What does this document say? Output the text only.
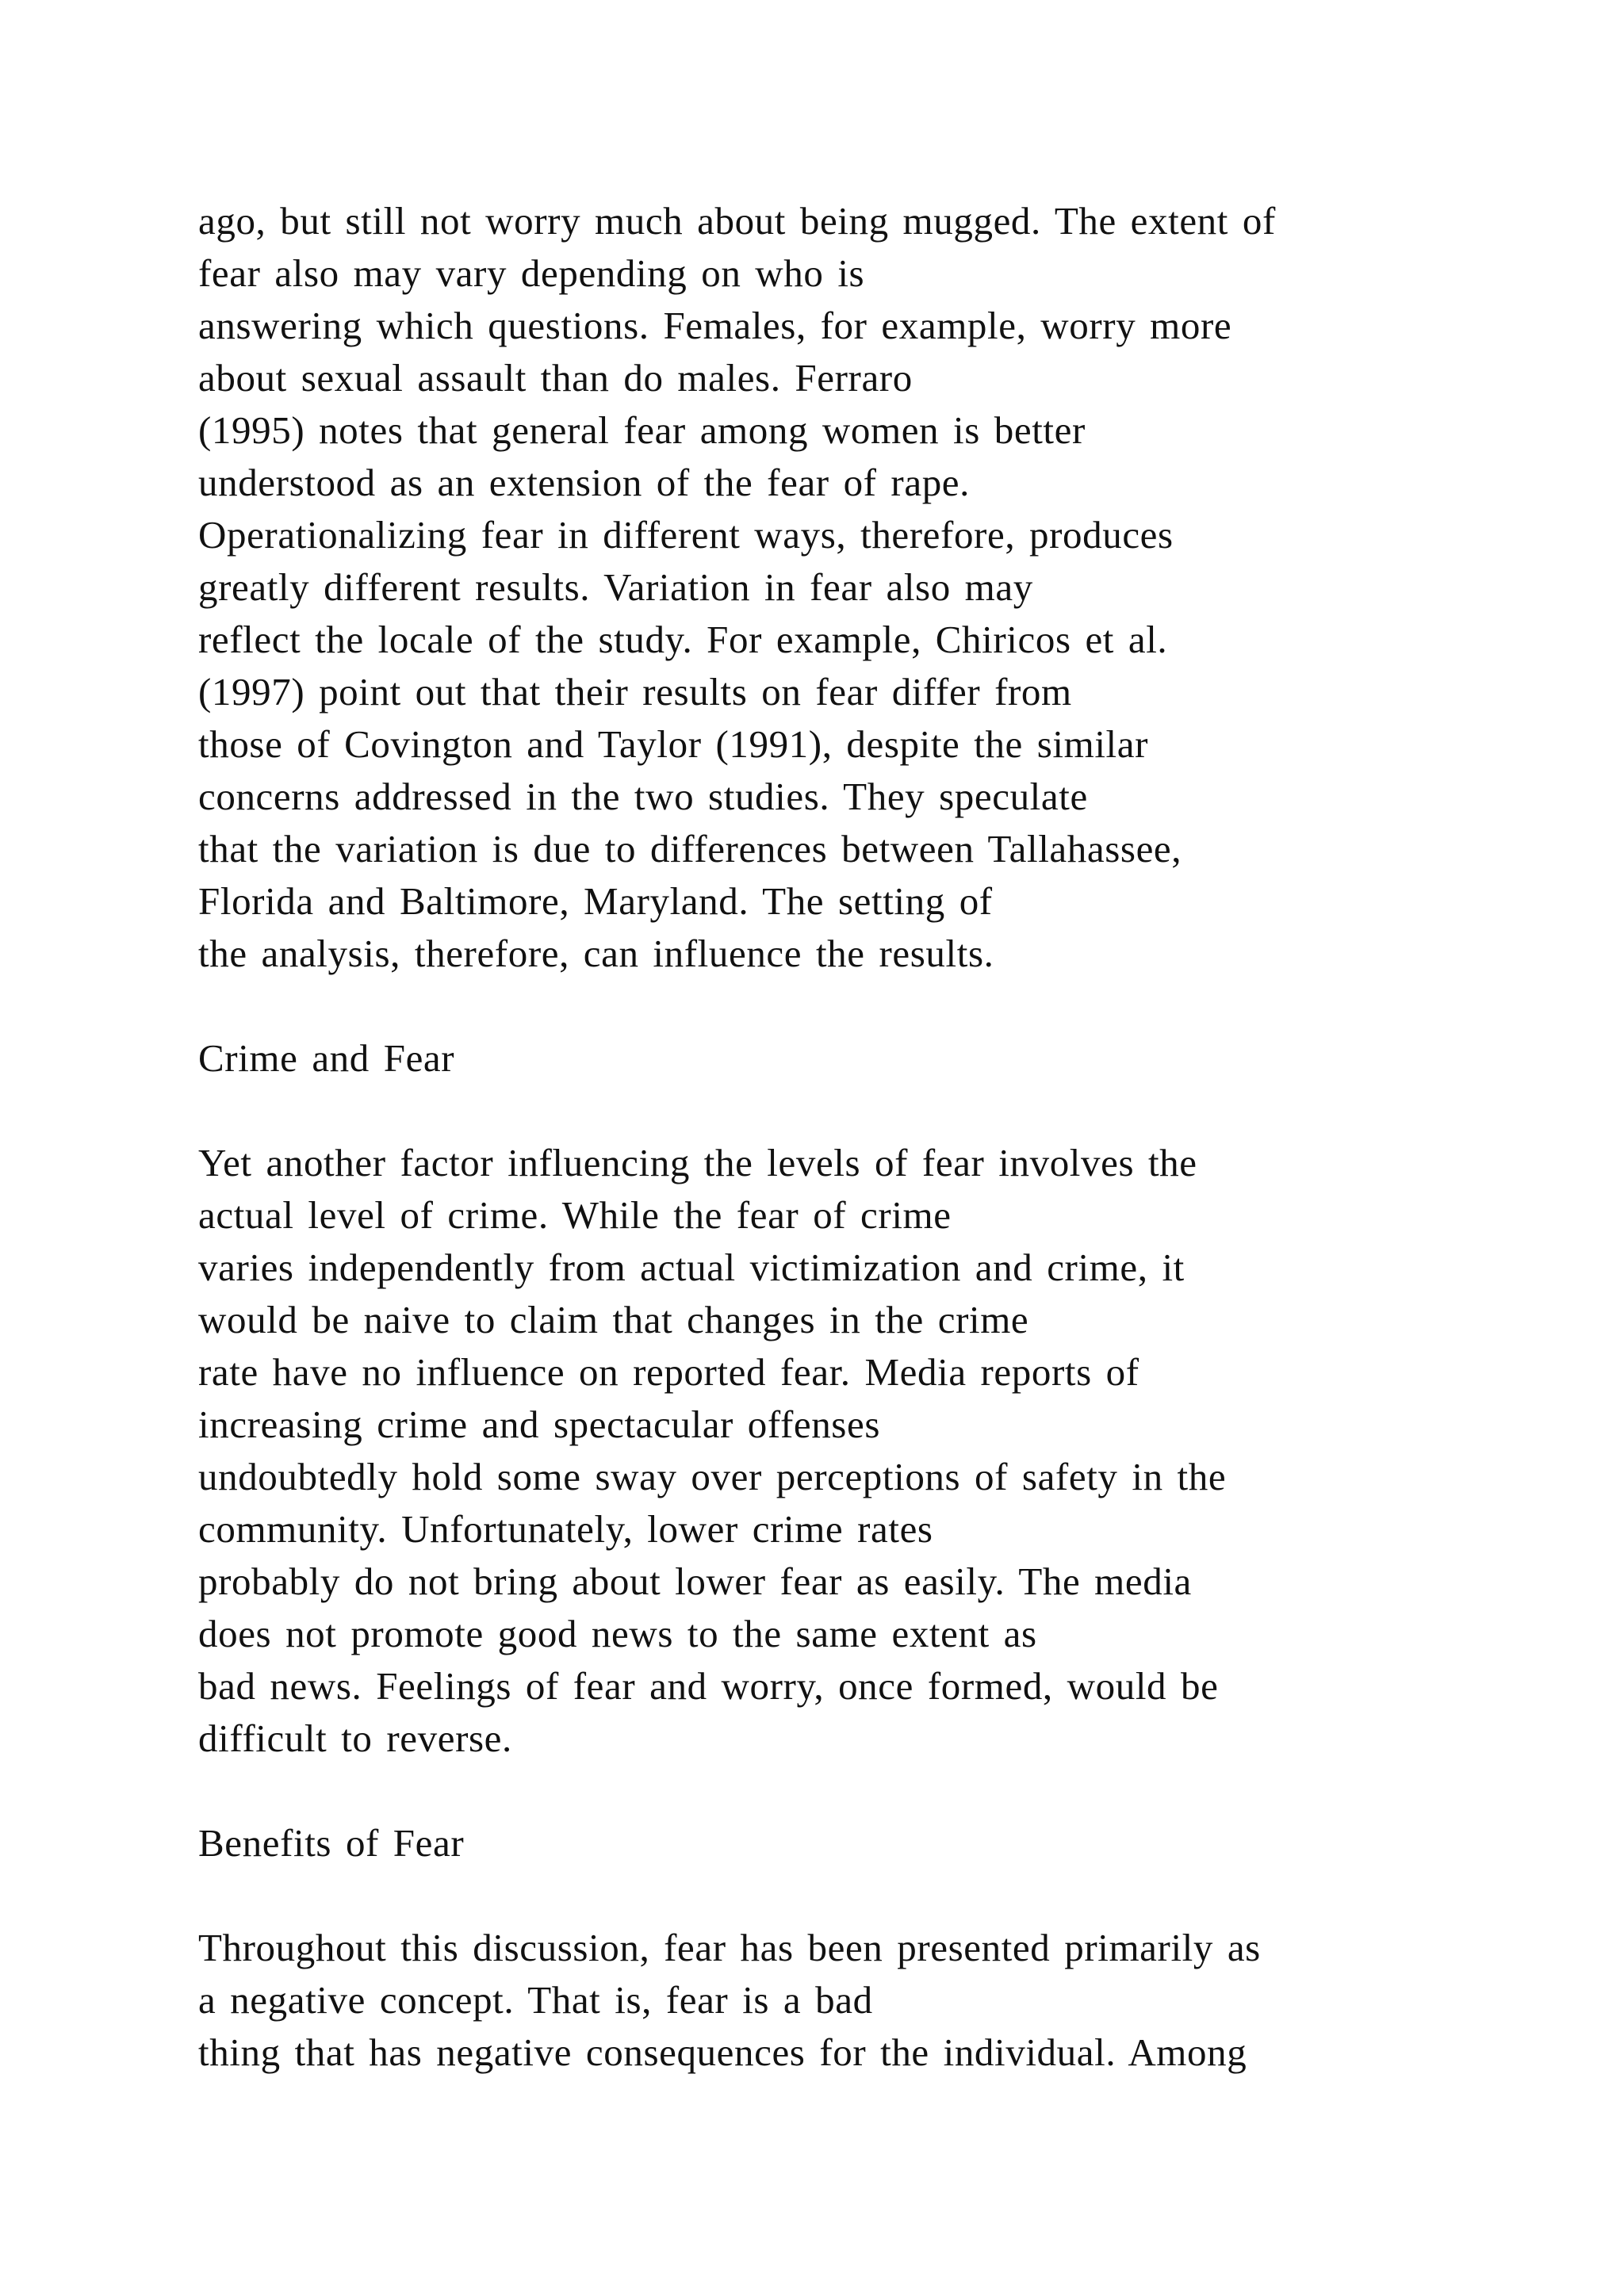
ago, but still not worry much about being mugged. The extent of
fear also may vary depending on who is
answering which questions. Females, for example, worry more
about sexual assault than do males. Ferraro
(1995) notes that general fear among women is better
understood as an extension of the fear of rape.
Operationalizing fear in different ways, therefore, produces
greatly different results. Variation in fear also may
reflect the locale of the study. For example, Chiricos et al.
(1997) point out that their results on fear differ from
those of Covington and Taylor (1991), despite the similar
concerns addressed in the two studies. They speculate
that the variation is due to differences between Tallahassee,
Florida and Baltimore, Maryland. The setting of
the analysis, therefore, can influence the results.
Crime and Fear
Yet another factor influencing the levels of fear involves the
actual level of crime. While the fear of crime
varies independently from actual victimization and crime, it
would be naive to claim that changes in the crime
rate have no influence on reported fear. Media reports of
increasing crime and spectacular offenses
undoubtedly hold some sway over perceptions of safety in the
community. Unfortunately, lower crime rates
probably do not bring about lower fear as easily. The media
does not promote good news to the same extent as
bad news. Feelings of fear and worry, once formed, would be
difficult to reverse.
Benefits of Fear
Throughout this discussion, fear has been presented primarily as
a negative concept. That is, fear is a bad
thing that has negative consequences for the individual. Among
